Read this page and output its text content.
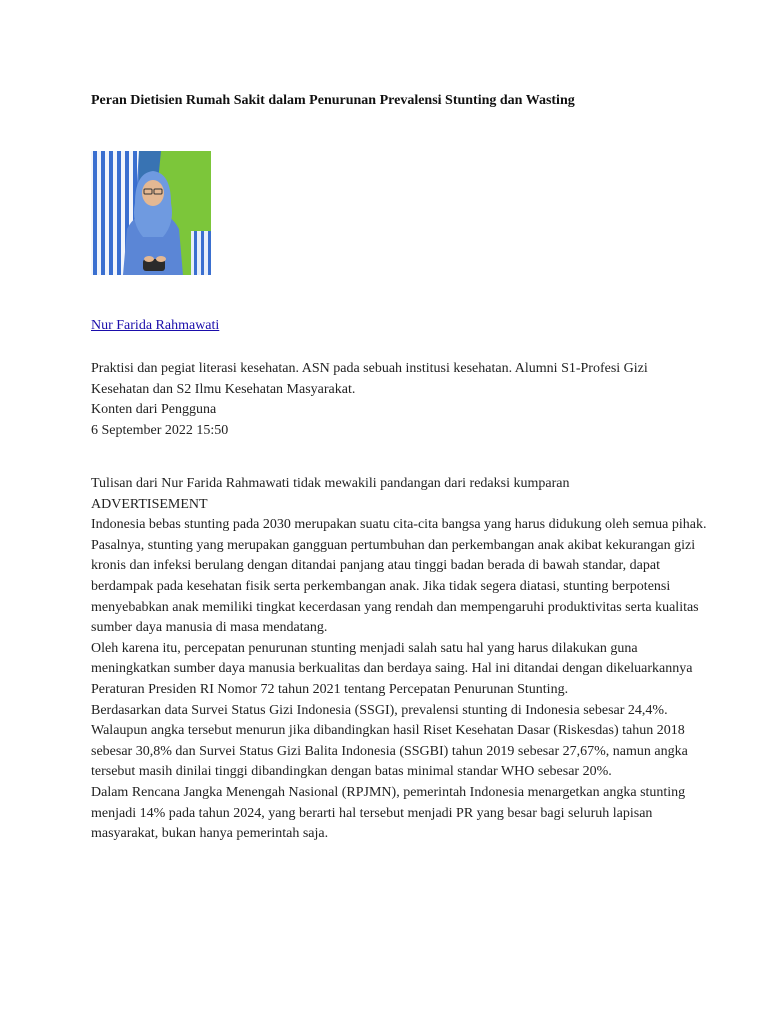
Peran Dietisien Rumah Sakit dalam Penurunan Prevalensi Stunting dan Wasting
Nur Farida Rahmawati

Praktisi dan pegiat literasi kesehatan. ASN pada sebuah institusi kesehatan. Alumni S1-Profesi Gizi Kesehatan dan S2 Ilmu Kesehatan Masyarakat.

Konten dari Pengguna

6 September 2022 15:50

Tulisan dari Nur Farida Rahmawati tidak mewakili pandangan dari redaksi kumparan

ADVERTISEMENT

Indonesia bebas stunting pada 2030 merupakan suatu cita-cita bangsa yang harus didukung oleh semua pihak. Pasalnya, stunting yang merupakan gangguan pertumbuhan dan perkembangan anak akibat kekurangan gizi kronis dan infeksi berulang dengan ditandai panjang atau tinggi badan berada di bawah standar, dapat berdampak pada kesehatan fisik serta perkembangan anak. Jika tidak segera diatasi, stunting berpotensi menyebabkan anak memiliki tingkat kecerdasan yang rendah dan mempengaruhi produktivitas serta kualitas sumber daya manusia di masa mendatang.

Oleh karena itu, percepatan penurunan stunting menjadi salah satu hal yang harus dilakukan guna meningkatkan sumber daya manusia berkualitas dan berdaya saing. Hal ini ditandai dengan dikeluarkannya Peraturan Presiden RI Nomor 72 tahun 2021 tentang Percepatan Penurunan Stunting.

Berdasarkan data Survei Status Gizi Indonesia (SSGI), prevalensi stunting di Indonesia sebesar 24,4%. Walaupun angka tersebut menurun jika dibandingkan hasil Riset Kesehatan Dasar (Riskesdas) tahun 2018 sebesar 30,8% dan Survei Status Gizi Balita Indonesia (SSGBI) tahun 2019 sebesar 27,67%, namun angka tersebut masih dinilai tinggi dibandingkan dengan batas minimal standar WHO sebesar 20%.

Dalam Rencana Jangka Menengah Nasional (RPJMN), pemerintah Indonesia menargetkan angka stunting menjadi 14% pada tahun 2024, yang berarti hal tersebut menjadi PR yang besar bagi seluruh lapisan masyarakat, bukan hanya pemerintah saja.
